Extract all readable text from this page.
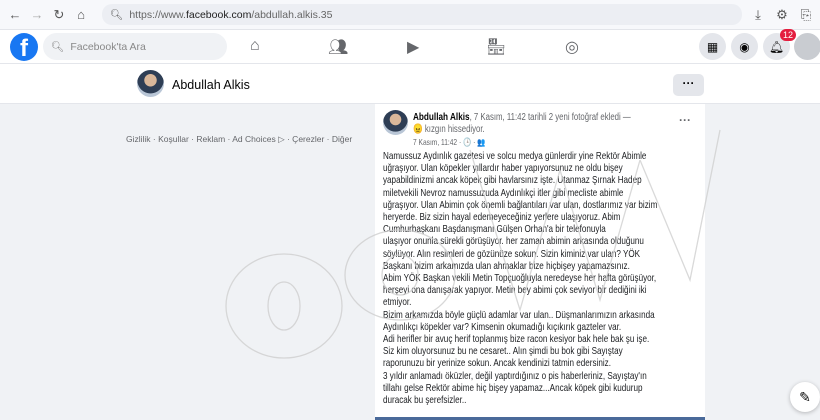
← → ↻ ⌂	🔍︎ https://www. facebook.com /abdullah.alkis.35	⤓	⚙ ⎘
f	🔍︎ Facebook'ta Ara	⌂	👥︎	▶	🏪︎	◎	▦ ◉ 🔔︎
12
Abdullah Alkis	···
Gizlilik · Koşullar · Reklam · Ad Choices ▷ · Çerezler · Diğer
Abdullah Alkis, 7 Kasım, 11:42 tarihli 2 yeni fotoğraf ekledi —
😠 kızgın hissediyor.
7 Kasım, 11:42 · 🕒 · 👥
···
Namussuz Aydınlık gazetesi ve solcu medya günlerdir yine Rektör Abimle
uğraşıyor. Ulan köpekler yıllardır haber yapıyorsunuz ne oldu bişey
yapabildinizmi ancak köpek gibi havlarsınız işte. Utanmaz Şırnak Hadep
miletvekili Nevroz namussuzuda Aydınlıkçi itler gibi mecliste abimle
uğraşıyor. Ulan Abimin çok önemli bağlantıları var ulan, dostlarımız var bizim
heryerde. Biz sizin hayal edemeyeceğiniz yerlere ulaşıyoruz. Abim
Cumhurbaşkanı Başdanışmanı Gülşen Orhan'a bir telefonuyla
ulaşıyor onunla sürekli görüşüyor. her zaman abimin arkasında olduğunu
söylüyor. Alın resimleri de gözünüze sokun. Sizin kiminiz var ulan? YÖK
Başkanı bizim arkamızda ulan ahmaklar bize hiçbişey yapamazsınız.
Abim YÖK Başkan vekili Metin Topçuoğluyla neredeyse her hafta görüşüyor,
herşeyi ona danışarak yapıyor. Metin bey abimi çok seviyor bir dediğini iki
etmiyor.
Bizim arkamızda böyle güçlü adamlar var ulan.. Düşmanlarımızın arkasında
Aydınlıkçı köpekler var? Kimsenin okumadığı kıçıkırık gazteler var.
Adi herifler bir avuç herif toplanmış bize racon kesiyor bak hele bak şu işe.
Siz kim oluyorsunuz bu ne cesaret.. Alın şimdi bu bok gibi Sayıştay
raporunuzu bir yerinize sokun. Ancak kendinizi tatmin edersiniz.
3 yıldır anlamadı öküzler, değil yaptırdığınız o pis haberleriniz, Sayıştay'ın
tillahı gelse Rektör abime hiç bişey yapamaz...Ancak köpek gibi kudurup
duracak bu şerefsizler..	✎
